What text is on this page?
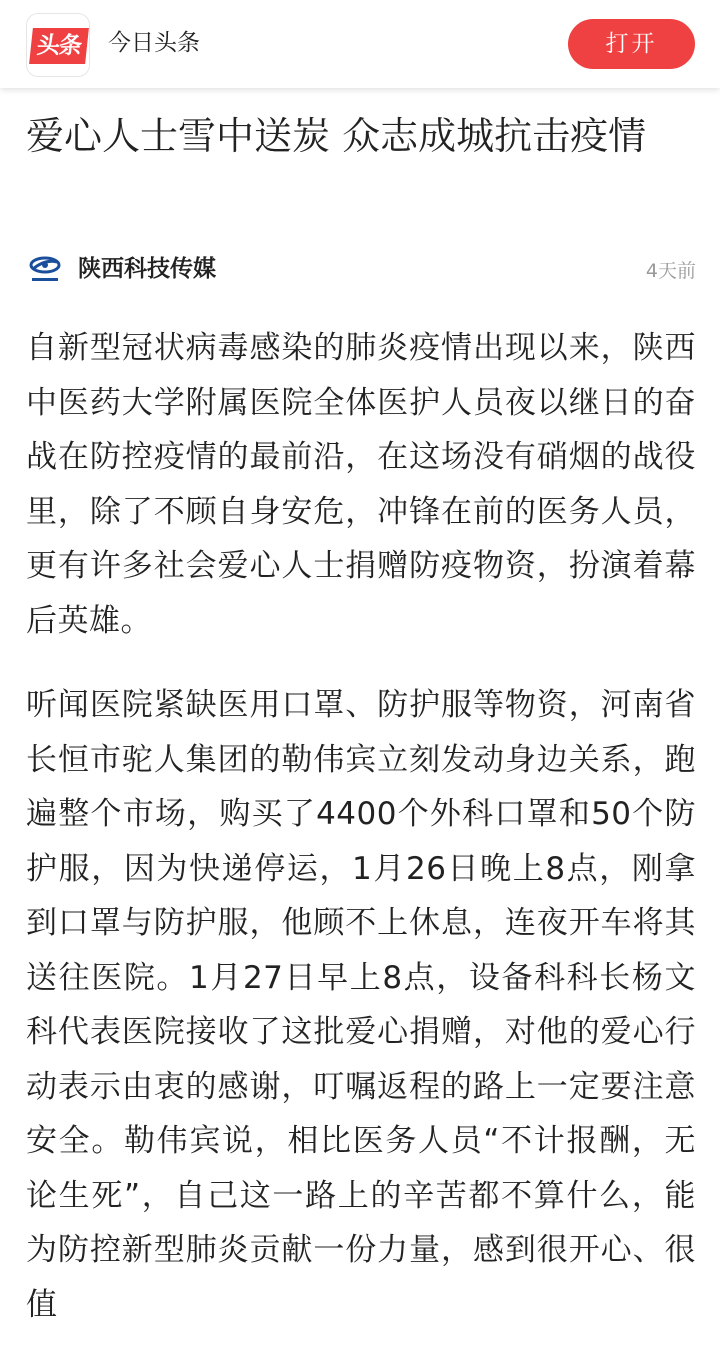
头条 今日头条	打开
爱心人士雪中送炭 众志成城抗击疫情
陕西科技传媒	4天前

自新型冠状病毒感染的肺炎疫情出现以来，陕西中医药大学附属医院全体医护人员夜以继日的奋战在防控疫情的最前沿，在这场没有硝烟的战役里，除了不顾自身安危，冲锋在前的医务人员，更有许多社会爱心人士捐赠防疫物资，扮演着幕后英雄。

听闻医院紧缺医用口罩、防护服等物资，河南省长恒市驼人集团的勒伟宾立刻发动身边关系，跑遍整个市场，购买了4400个外科口罩和50个防护服，因为快递停运，1月26日晚上8点，刚拿到口罩与防护服，他顾不上休息，连夜开车将其送往医院。1月27日早上8点，设备科科长杨文科代表医院接收了这批爱心捐赠，对他的爱心行动表示由衷的感谢，叮嘱返程的路上一定要注意安全。勒伟宾说，相比医务人员“不计报酬，无论生死”，自己这一路上的辛苦都不算什么，能为防控新型肺炎贡献一份力量，感到很开心、很值
